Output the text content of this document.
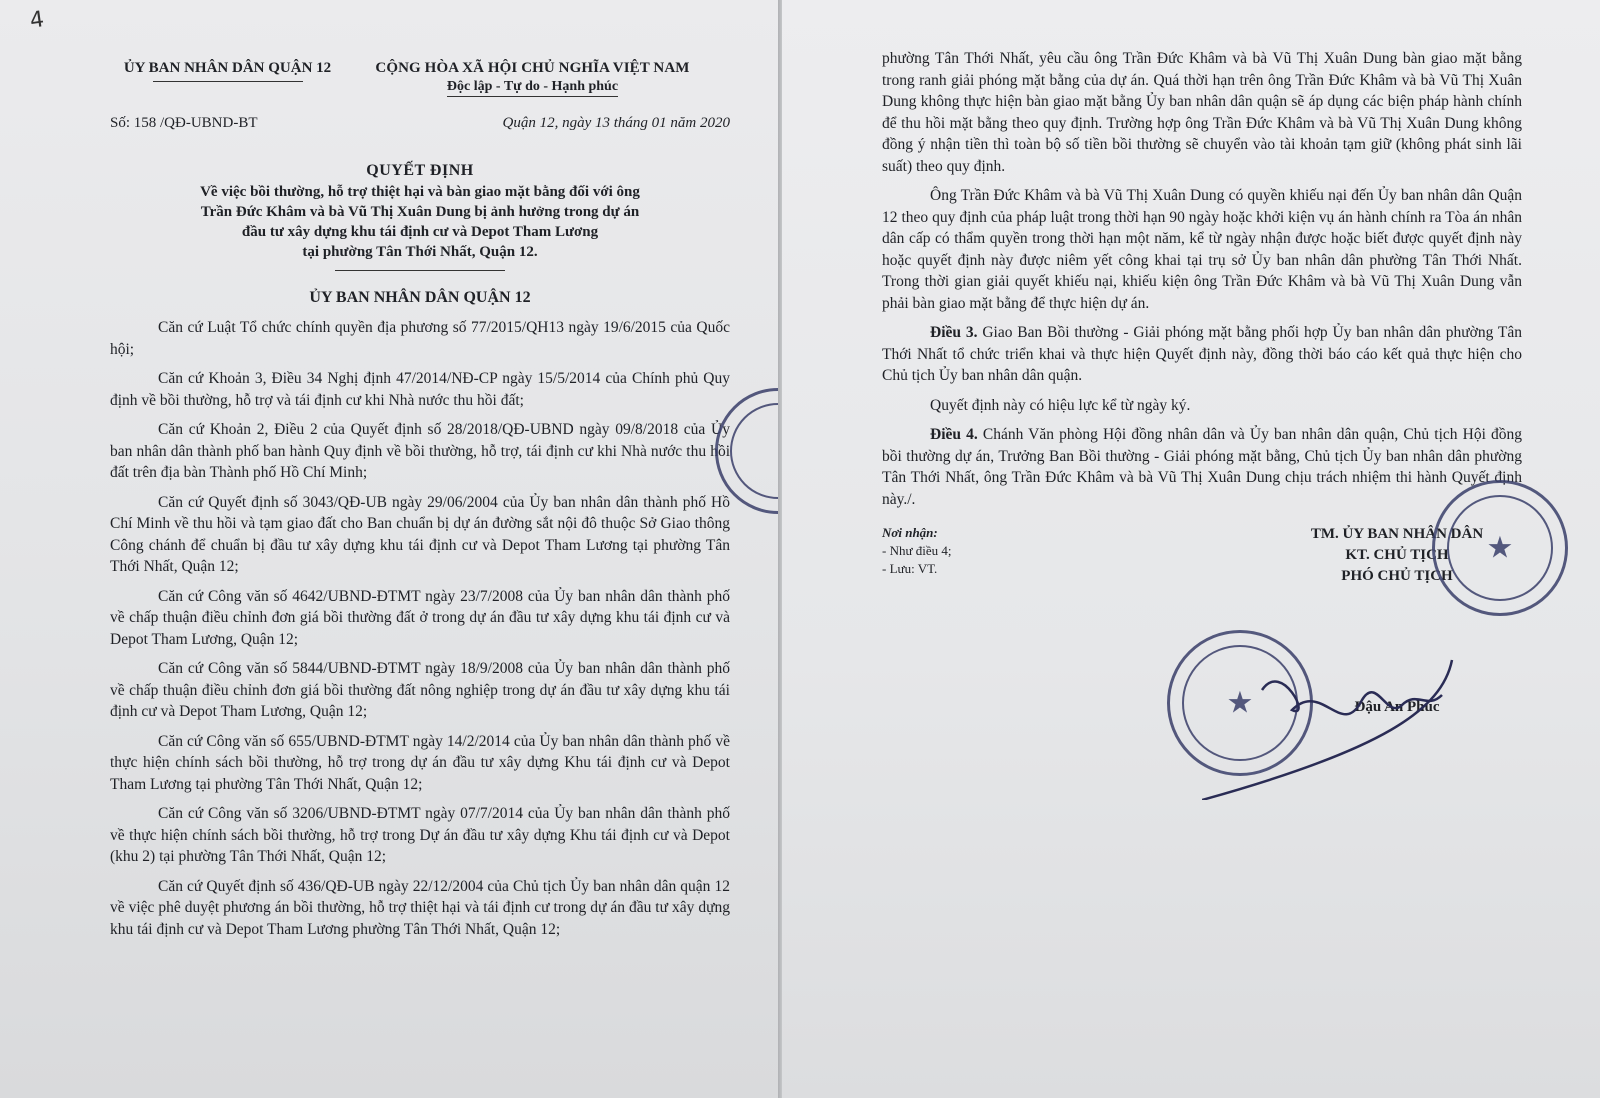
4
ỦY BAN NHÂN DÂN QUẬN 12	CỘNG HÒA XÃ HỘI CHỦ NGHĨA VIỆT NAM
Độc lập - Tự do - Hạnh phúc
Số: 158 /QĐ-UBND-BT	Quận 12, ngày 13 tháng 01 năm 2020
QUYẾT ĐỊNH
Về việc bồi thường, hỗ trợ thiệt hại và bàn giao mặt bằng đối với ông
Trần Đức Khâm và bà Vũ Thị Xuân Dung bị ảnh hưởng trong dự án
đầu tư xây dựng khu tái định cư và Depot Tham Lương
tại phường Tân Thới Nhất, Quận 12.
ỦY BAN NHÂN DÂN QUẬN 12

Căn cứ Luật Tổ chức chính quyền địa phương số 77/2015/QH13 ngày 19/6/2015 của Quốc hội;

Căn cứ Khoản 3, Điều 34 Nghị định 47/2014/NĐ-CP ngày 15/5/2014 của Chính phủ Quy định về bồi thường, hỗ trợ và tái định cư khi Nhà nước thu hồi đất;

Căn cứ Khoản 2, Điều 2 của Quyết định số 28/2018/QĐ-UBND ngày 09/8/2018 của Ủy ban nhân dân thành phố ban hành Quy định về bồi thường, hỗ trợ, tái định cư khi Nhà nước thu hồi đất trên địa bàn Thành phố Hồ Chí Minh;

Căn cứ Quyết định số 3043/QĐ-UB ngày 29/06/2004 của Ủy ban nhân dân thành phố Hồ Chí Minh về thu hồi và tạm giao đất cho Ban chuẩn bị dự án đường sắt nội đô thuộc Sở Giao thông Công chánh để chuẩn bị đầu tư xây dựng khu tái định cư và Depot Tham Lương tại phường Tân Thới Nhất, Quận 12;

Căn cứ Công văn số 4642/UBND-ĐTMT ngày 23/7/2008 của Ủy ban nhân dân thành phố về chấp thuận điều chỉnh đơn giá bồi thường đất ở trong dự án đầu tư xây dựng khu tái định cư và Depot Tham Lương, Quận 12;

Căn cứ Công văn số 5844/UBND-ĐTMT ngày 18/9/2008 của Ủy ban nhân dân thành phố về chấp thuận điều chỉnh đơn giá bồi thường đất nông nghiệp trong dự án đầu tư xây dựng khu tái định cư và Depot Tham Lương, Quận 12;

Căn cứ Công văn số 655/UBND-ĐTMT ngày 14/2/2014 của Ủy ban nhân dân thành phố về thực hiện chính sách bồi thường, hỗ trợ trong dự án đầu tư xây dựng Khu tái định cư và Depot Tham Lương tại phường Tân Thới Nhất, Quận 12;

Căn cứ Công văn số 3206/UBND-ĐTMT ngày 07/7/2014 của Ủy ban nhân dân thành phố về thực hiện chính sách bồi thường, hỗ trợ trong Dự án đầu tư xây dựng Khu tái định cư và Depot (khu 2) tại phường Tân Thới Nhất, Quận 12;

Căn cứ Quyết định số 436/QĐ-UB ngày 22/12/2004 của Chủ tịch Ủy ban nhân dân quận 12 về việc phê duyệt phương án bồi thường, hỗ trợ thiệt hại và tái định cư trong dự án đầu tư xây dựng khu tái định cư và Depot Tham Lương phường Tân Thới Nhất, Quận 12;

phường Tân Thới Nhất, yêu cầu ông Trần Đức Khâm và bà Vũ Thị Xuân Dung bàn giao mặt bằng trong ranh giải phóng mặt bằng của dự án. Quá thời hạn trên ông Trần Đức Khâm và bà Vũ Thị Xuân Dung không thực hiện bàn giao mặt bằng Ủy ban nhân dân quận sẽ áp dụng các biện pháp hành chính để thu hồi mặt bằng theo quy định. Trường hợp ông Trần Đức Khâm và bà Vũ Thị Xuân Dung không đồng ý nhận tiền thì toàn bộ số tiền bồi thường sẽ chuyển vào tài khoản tạm giữ (không phát sinh lãi suất) theo quy định.

Ông Trần Đức Khâm và bà Vũ Thị Xuân Dung có quyền khiếu nại đến Ủy ban nhân dân Quận 12 theo quy định của pháp luật trong thời hạn 90 ngày hoặc khởi kiện vụ án hành chính ra Tòa án nhân dân cấp có thẩm quyền trong thời hạn một năm, kể từ ngày nhận được hoặc biết được quyết định này hoặc quyết định này được niêm yết công khai tại trụ sở Ủy ban nhân dân phường Tân Thới Nhất. Trong thời gian giải quyết khiếu nại, khiếu kiện ông Trần Đức Khâm và bà Vũ Thị Xuân Dung vẫn phải bàn giao mặt bằng để thực hiện dự án.

Điều 3. Giao Ban Bồi thường - Giải phóng mặt bằng phối hợp Ủy ban nhân dân phường Tân Thới Nhất tổ chức triển khai và thực hiện Quyết định này, đồng thời báo cáo kết quả thực hiện cho Chủ tịch Ủy ban nhân dân quận.

Quyết định này có hiệu lực kể từ ngày ký.

Điều 4. Chánh Văn phòng Hội đồng nhân dân và Ủy ban nhân dân quận, Chủ tịch Hội đồng bồi thường dự án, Trưởng Ban Bồi thường - Giải phóng mặt bằng, Chủ tịch Ủy ban nhân dân phường Tân Thới Nhất, ông Trần Đức Khâm và bà Vũ Thị Xuân Dung chịu trách nhiệm thi hành Quyết định này./.

Nơi nhận:
- Như điều 4;
- Lưu: VT.
TM. ỦY BAN NHÂN DÂN
KT. CHỦ TỊCH
PHÓ CHỦ TỊCH
Đậu An Phúc
★
★
